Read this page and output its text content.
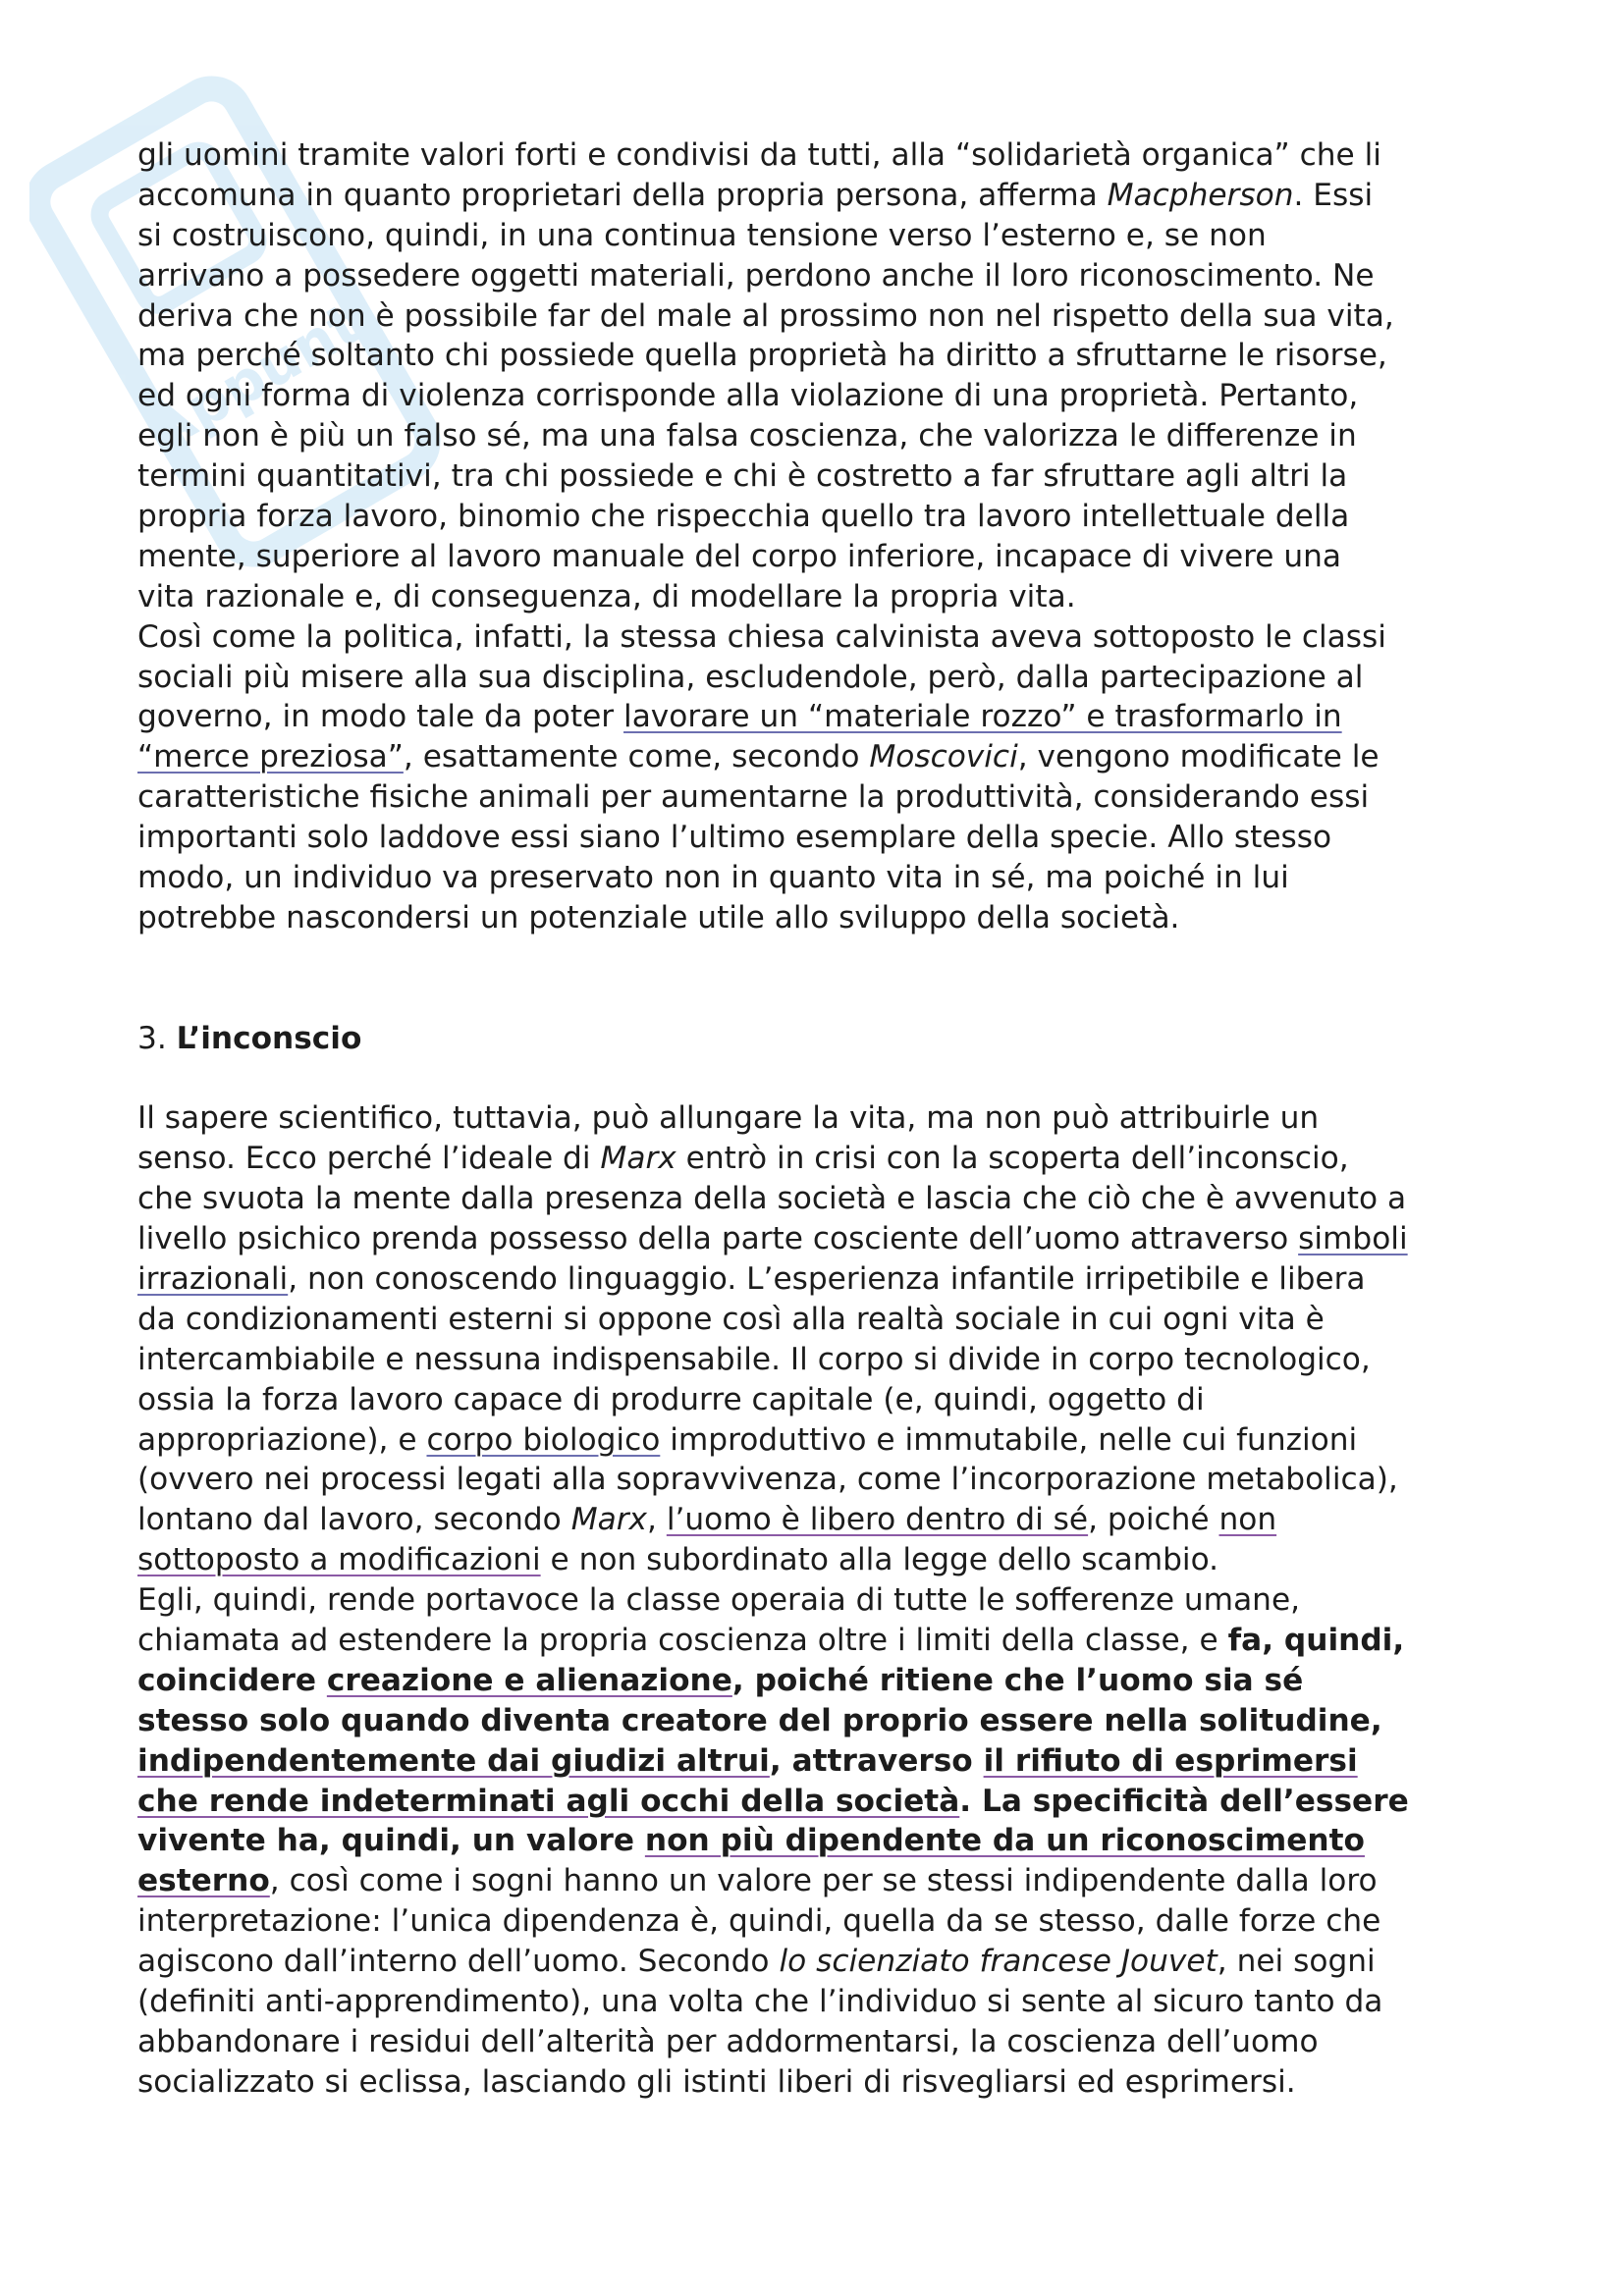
Appunti
gli uomini tramite valori forti e condivisi da tutti, alla “solidarietà organica” che li
accomuna in quanto proprietari della propria persona, afferma Macpherson. Essi
si costruiscono, quindi, in una continua tensione verso l’esterno e, se non
arrivano a possedere oggetti materiali, perdono anche il loro riconoscimento. Ne
deriva che non è possibile far del male al prossimo non nel rispetto della sua vita,
ma perché soltanto chi possiede quella proprietà ha diritto a sfruttarne le risorse,
ed ogni forma di violenza corrisponde alla violazione di una proprietà. Pertanto,
egli non è più un falso sé, ma una falsa coscienza, che valorizza le differenze in
termini quantitativi, tra chi possiede e chi è costretto a far sfruttare agli altri la
propria forza lavoro, binomio che rispecchia quello tra lavoro intellettuale della
mente, superiore al lavoro manuale del corpo inferiore, incapace di vivere una
vita razionale e, di conseguenza, di modellare la propria vita.
Così come la politica, infatti, la stessa chiesa calvinista aveva sottoposto le classi
sociali più misere alla sua disciplina, escludendole, però, dalla partecipazione al
governo, in modo tale da poter lavorare un “materiale rozzo” e trasformarlo in
“merce preziosa”, esattamente come, secondo Moscovici, vengono modificate le
caratteristiche fisiche animali per aumentarne la produttività, considerando essi
importanti solo laddove essi siano l’ultimo esemplare della specie. Allo stesso
modo, un individuo va preservato non in quanto vita in sé, ma poiché in lui
potrebbe nascondersi un potenziale utile allo sviluppo della società.
3. L’inconscio
Il sapere scientifico, tuttavia, può allungare la vita, ma non può attribuirle un
senso. Ecco perché l’ideale di Marx entrò in crisi con la scoperta dell’inconscio,
che svuota la mente dalla presenza della società e lascia che ciò che è avvenuto a
livello psichico prenda possesso della parte cosciente dell’uomo attraverso simboli
irrazionali, non conoscendo linguaggio. L’esperienza infantile irripetibile e libera
da condizionamenti esterni si oppone così alla realtà sociale in cui ogni vita è
intercambiabile e nessuna indispensabile. Il corpo si divide in corpo tecnologico,
ossia la forza lavoro capace di produrre capitale (e, quindi, oggetto di
appropriazione), e corpo biologico improduttivo e immutabile, nelle cui funzioni
(ovvero nei processi legati alla sopravvivenza, come l’incorporazione metabolica),
lontano dal lavoro, secondo Marx, l’uomo è libero dentro di sé, poiché non
sottoposto a modificazioni e non subordinato alla legge dello scambio.
Egli, quindi, rende portavoce la classe operaia di tutte le sofferenze umane,
chiamata ad estendere la propria coscienza oltre i limiti della classe, e fa, quindi,
coincidere creazione e alienazione, poiché ritiene che l’uomo sia sé
stesso solo quando diventa creatore del proprio essere nella solitudine,
indipendentemente dai giudizi altrui, attraverso il rifiuto di esprimersi
che rende indeterminati agli occhi della società. La specificità dell’essere
vivente ha, quindi, un valore non più dipendente da un riconoscimento
esterno, così come i sogni hanno un valore per se stessi indipendente dalla loro
interpretazione: l’unica dipendenza è, quindi, quella da se stesso, dalle forze che
agiscono dall’interno dell’uomo. Secondo lo scienziato francese Jouvet, nei sogni
(definiti anti-apprendimento), una volta che l’individuo si sente al sicuro tanto da
abbandonare i residui dell’alterità per addormentarsi, la coscienza dell’uomo
socializzato si eclissa, lasciando gli istinti liberi di risvegliarsi ed esprimersi.
